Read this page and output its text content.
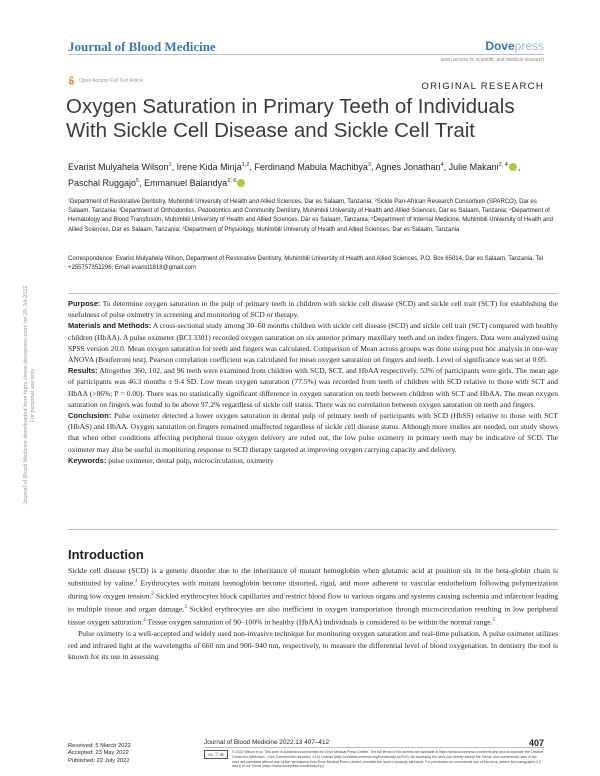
Journal of Blood Medicine	Dovepress
open access to scientific and medical research
Open Access Full Text Article
ORIGINAL RESEARCH
Oxygen Saturation in Primary Teeth of Individuals With Sickle Cell Disease and Sickle Cell Trait
Evarist Mulyahela Wilson$^1$, Irene Kida Minja$^{1,2}$, Ferdinand Mabula Machibya$^3$, Agnes Jonathan$^4$, Julie Makani$^{2, 4}$ , Paschal Ruggajo$^5$, Emmanuel Balandya$^{2, 6}$
¹Department of Restorative Dentistry, Muhimbili University of Health and Allied Sciences, Dar es Salaam, Tanzania; ²Sickle Pan-African Research Consortium (SPARCO), Dar es Salaam, Tanzania; ³Department of Orthodontics, Pedodontics and Community Dentistry, Muhimbili University of Health and Allied Sciences, Dar es Salaam, Tanzania; ⁴Department of Hematology and Blood Transfusion, Muhimbili University of Health and Allied Sciences, Dar es Salaam, Tanzania; ⁵Department of Internal Medicine, Muhimbili University of Health and Allied Sciences, Dar es Salaam, Tanzania; ⁶Department of Physiology, Muhimbili University of Health and Allied Sciences, Dar es Salaam, Tanzania
Correspondence: Evarist Mulyahela Wilson, Department of Restorative Dentistry, Muhimbili University of Health and Allied Sciences, P.O. Box 65014, Dar es Salaam, Tanzania, Tel +255757352296, Email evarist1818@gmail.com

Purpose: To determine oxygen saturation in the pulp of primary teeth in children with sickle cell disease (SCD) and sickle cell trait (SCT) for establishing the usefulness of pulse oximetry in screening and monitoring of SCD or therapy.

Materials and Methods: A cross-sectional study among 30–60 months children with sickle cell disease (SCD) and sickle cell trait (SCT) compared with healthy children (HbAA). A pulse oximeter (BCI 3301) recorded oxygen saturation on six anterior primary maxillary teeth and on index fingers. Data were analyzed using SPSS version 20.0. Mean oxygen saturation for teeth and fingers was calculated. Comparison of Mean across groups was done using post hoc analysis in one-way ANOVA (Bonferroni test). Pearson correlation coefficient was calculated for mean oxygen saturation on fingers and teeth. Level of significance was set at 0.05.

Results: Altogether 360, 102, and 96 teeth were examined from children with SCD, SCT, and HbAA respectively. 53% of participants were girls. The mean age of participants was 46.3 months ± 9.4 SD. Low mean oxygen saturation (77.5%) was recorded from teeth of children with SCD relative to those with SCT and HbAA (>86%; P = 0.00). There was no statistically significant difference in oxygen saturation on teeth between children with SCT and HbAA. The mean oxygen saturation on fingers was found to be above 97.2% regardless of sickle cell status. There was no correlation between oxygen saturation on teeth and fingers.

Conclusion: Pulse oximeter detected a lower oxygen saturation in dental pulp of primary teeth of participants with SCD (HbSS) relative to those with SCT (HbAS) and HbAA. Oxygen saturation on fingers remained unaffected regardless of sickle cell disease status. Although more studies are needed, our study shows that when other conditions affecting peripheral tissue oxygen delivery are ruled out, the low pulse oximetry in primary teeth may be indicative of SCD. The oximeter may also be useful in monitoring response to SCD therapy targeted at improving oxygen carrying capacity and delivery.

Keywords: pulse oximeter, dental pulp, microcirculation, oximetry

Introduction

Sickle cell disease (SCD) is a genetic disorder due to the inheritance of mutant hemoglobin when glutamic acid at position six in the beta-globin chain is substituted by valine.$^1$ Erythrocytes with mutant hemoglobin become distorted, rigid, and more adherent to vascular endothelium following polymerization during low oxygen tension.$^2$ Sickled erythrocytes block capillaries and restrict blood flow to various organs and systems causing ischemia and infarction leading to multiple tissue and organ damage.$^3$ Sickled erythrocytes are also inefficient in oxygen transportation through microcirculation resulting in low peripheral tissue oxygen saturation.$^4$ Tissue oxygen saturation of 90–100% in healthy (HbAA) individuals is considered to be within the normal range.$^5$

Pulse oximetry is a well-accepted and widely used non-invasive technique for monitoring oxygen saturation and real-time pulsation. A pulse oximeter utilizes red and infrared light at the wavelengths of 660 nm and 900–940 nm, respectively, to measure the differential level of blood oxygenation. In dentistry the tool is known for its use in assessing

Received: 5 March 2022
Accepted: 23 May 2022
Published: 22 July 2022
Journal of Blood Medicine 2022:13 407–412	407
cc ⓘ ⊜	© 2022 Wilson et al. This work is published and licensed by Dove Medical Press Limited. The full terms of this license are available at https://www.dovepress.com/terms.php and incorporate the Creative Commons Attribution – Non Commercial (unported, v3.0) License (http://creativecommons.org/licenses/by-nc/3.0/). By accessing the work you hereby accept the Terms. Non-commercial uses of the work are permitted without any further permission from Dove Medical Press Limited, provided the work is properly attributed. For permission for commercial use of this work, please see paragraphs 4.2 and 5 of our Terms (https://www.dovepress.com/terms.php).
Journal of Blood Medicine downloaded from https://www.dovepress.com/ on 20-Jul-2022 For personal use only.
